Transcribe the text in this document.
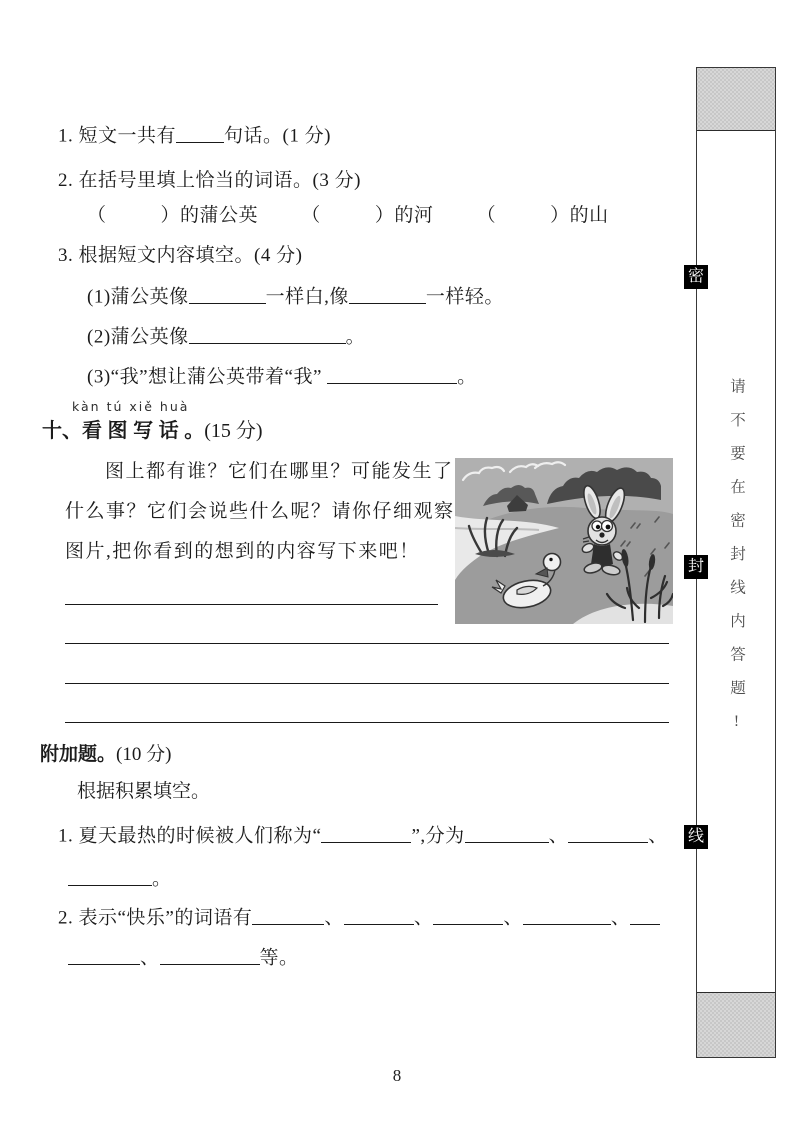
1. 短文一共有	句话。(1 分)
2. 在括号里填上恰当的词语。(3 分)
（	）的蒲公英 （	）的河 （	）的山
3. 根据短文内容填空。(4 分)
(1)蒲公英像	一样白,像	一样轻。
(2)蒲公英像	。
(3)“我”想让蒲公英带着“我”	。
kàn tú xiě huà
十、看 图 写 话 。(15 分)
图上都有谁？它们在哪里？可能发生了
什么事？它们会说些什么呢？请你仔细观察
图片,把你看到的想到的内容写下来吧！
附加题。(10 分)
根据积累填空。
1. 夏天最热的时候被人们称为“	”,分为	、	、
。
2. 表示“快乐”的词语有	、	、	、	、
、	等。
8
密
封
线
请不要在密封线内答题!
